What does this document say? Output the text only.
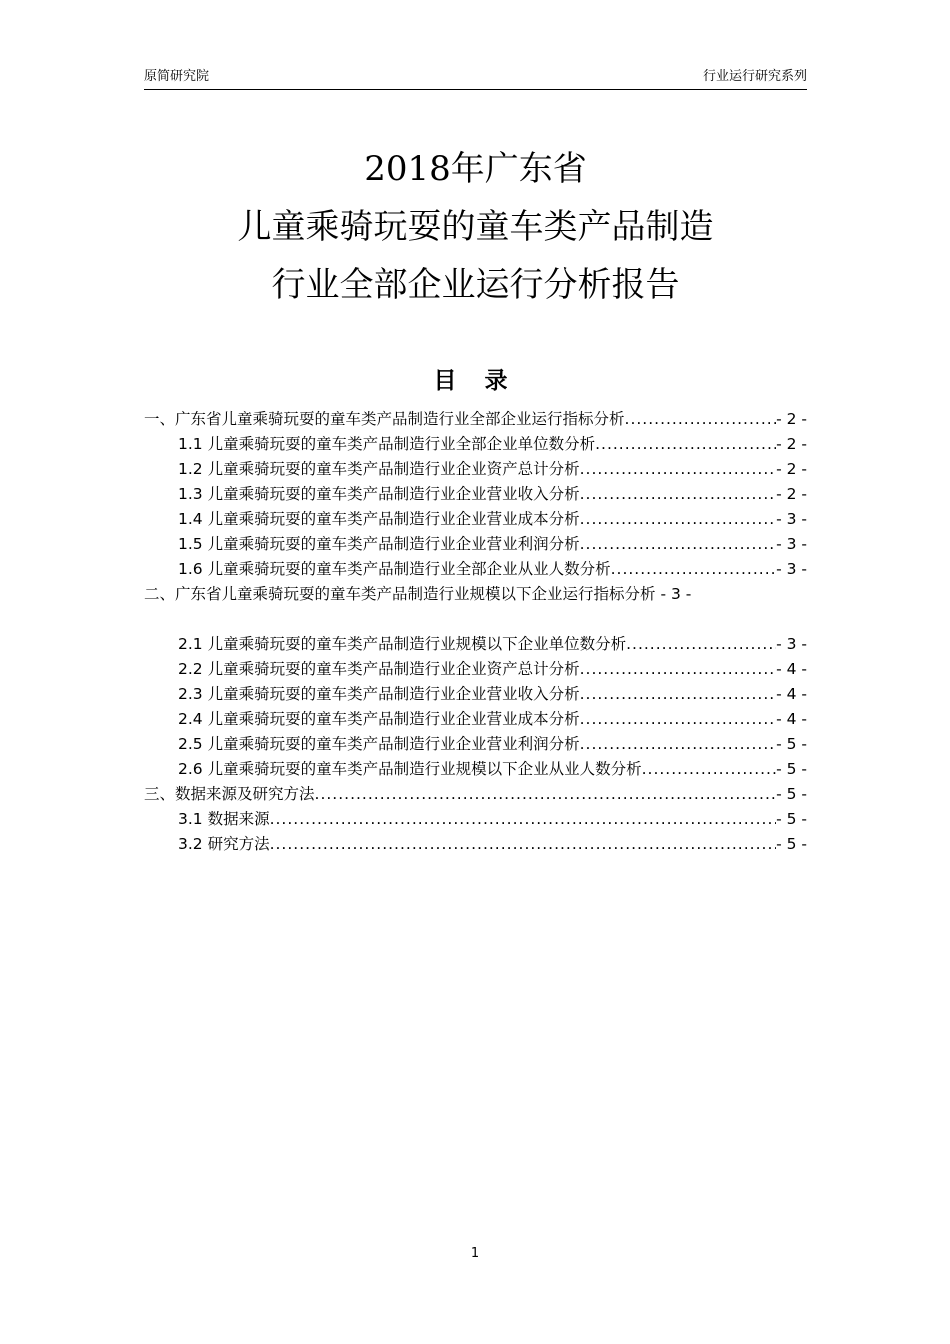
原简研究院	行业运行研究系列
2018年广东省
儿童乘骑玩耍的童车类产品制造
行业全部企业运行分析报告
目 录
一、广东省儿童乘骑玩耍的童车类产品制造行业全部企业运行指标分析 .....	- 2 -
1.1 儿童乘骑玩耍的童车类产品制造行业全部企业单位数分析 .....	- 2 -
1.2 儿童乘骑玩耍的童车类产品制造行业企业资产总计分析 .....	- 2 -
1.3 儿童乘骑玩耍的童车类产品制造行业企业营业收入分析 .....	- 2 -
1.4 儿童乘骑玩耍的童车类产品制造行业企业营业成本分析 .....	- 3 -
1.5 儿童乘骑玩耍的童车类产品制造行业企业营业利润分析 .....	- 3 -
1.6 儿童乘骑玩耍的童车类产品制造行业全部企业从业人数分析 .....	- 3 -
二、广东省儿童乘骑玩耍的童车类产品制造行业规模以下企业运行指标分析 - 3 -
2.1 儿童乘骑玩耍的童车类产品制造行业规模以下企业单位数分析 .....	- 3 -
2.2 儿童乘骑玩耍的童车类产品制造行业企业资产总计分析 .....	- 4 -
2.3 儿童乘骑玩耍的童车类产品制造行业企业营业收入分析 .....	- 4 -
2.4 儿童乘骑玩耍的童车类产品制造行业企业营业成本分析 .....	- 4 -
2.5 儿童乘骑玩耍的童车类产品制造行业企业营业利润分析 .....	- 5 -
2.6 儿童乘骑玩耍的童车类产品制造行业规模以下企业从业人数分析 .....	- 5 -
三、数据来源及研究方法 .....	- 5 -
3.1 数据来源 .....	- 5 -
3.2 研究方法 .....	- 5 -
1
